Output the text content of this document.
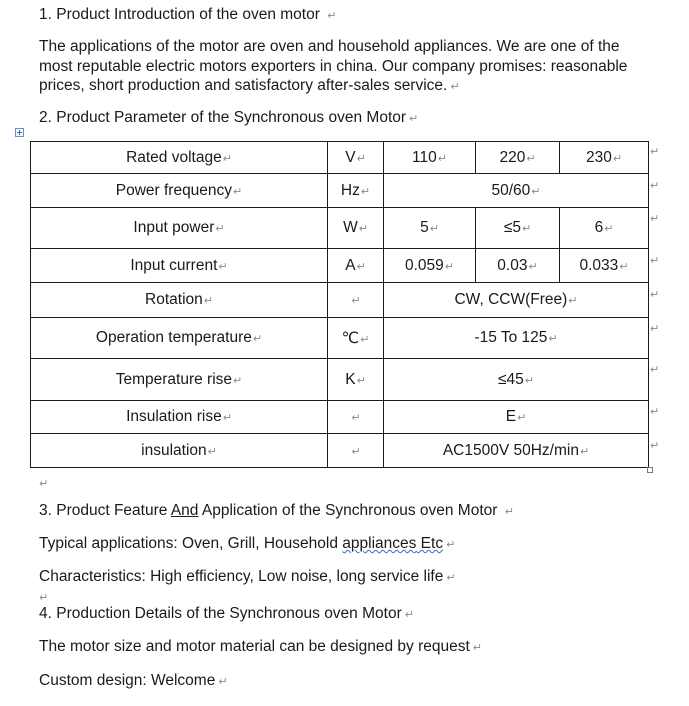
1. Product Introduction of the oven motor ↵
The applications of the motor are oven and household appliances. We are one of the most reputable electric motors exporters in china. Our company promises: reasonable prices, short production and satisfactory after-sales service. ↵
2. Product Parameter of the Synchronous oven Motor ↵
Rated voltage↵	V↵	110↵	220↵	230↵
Power frequency↵	Hz↵	50/60↵		
Input power↵	W↵	5↵	≤5↵	6↵
Input current↵	A↵	0.059↵	0.03↵	0.033↵
Rotation↵	↵	CW, CCW(Free)↵		
Operation temperature↵	℃↵	-15 To 125↵		
Temperature rise↵	K↵	≤45↵		
Insulation rise↵	↵	E↵		
insulation↵	↵	AC1500V 50Hz/min↵		
↵
↵
↵
↵
↵
↵
↵
↵
↵
↵
3. Product Feature And Application of the Synchronous oven Motor ↵
Typical applications: Oven, Grill, Household appliances Etc ↵
Characteristics: High efficiency, Low noise, long service life ↵
↵
4. Production Details of the Synchronous oven Motor ↵
The motor size and motor material can be designed by request ↵
Custom design: Welcome ↵
